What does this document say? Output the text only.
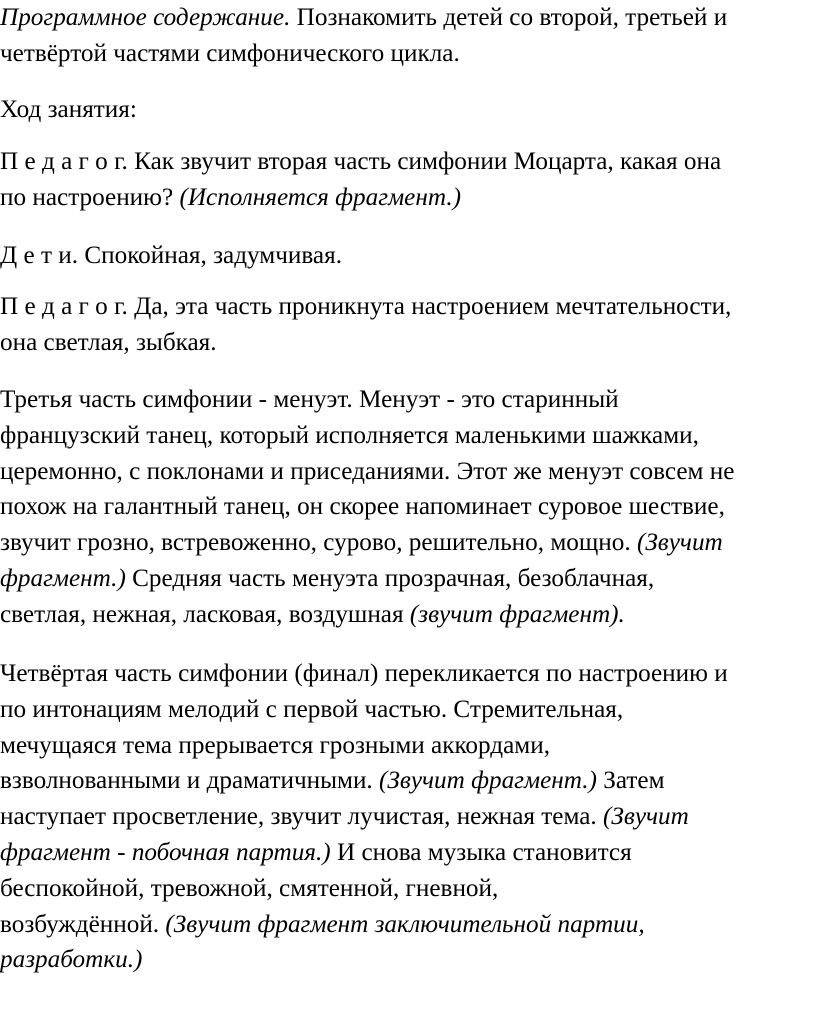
Программное содержание. Познакомить детей со второй, третьей и
четвёртой частями симфонического цикла.

Ход занятия:

П е д а г о г. Как звучит вторая часть симфонии Моцарта, какая она
по настроению? (Исполняется фрагмент.)

Д е т и. Спокойная, задумчивая.

П е д а г о г. Да, эта часть проникнута настроением мечтательности,
она светлая, зыбкая.

Третья часть симфонии - менуэт. Менуэт - это старинный
французский танец, который исполняется маленькими шажками,
церемонно, с поклонами и приседаниями. Этот же менуэт совсем не
похож на галантный танец, он скорее напоминает суровое шествие,
звучит грозно, встревоженно, сурово, решительно, мощно. (Звучит
фрагмент.) Средняя часть менуэта прозрачная, безоблачная,
светлая, нежная, ласковая, воздушная (звучит фрагмент).

Четвёртая часть симфонии (финал) перекликается по настроению и
по интонациям мелодий с первой частью. Стремительная,
мечущаяся тема прерывается грозными аккордами,
взволнованными и драматичными. (Звучит фрагмент.) Затем
наступает просветление, звучит лучистая, нежная тема. (Звучит
фрагмент - побочная партия.) И снова музыка становится
беспокойной, тревожной, смятенной, гневной,
возбуждённой. (Звучит фрагмент заключительной партии,
разработки.)
